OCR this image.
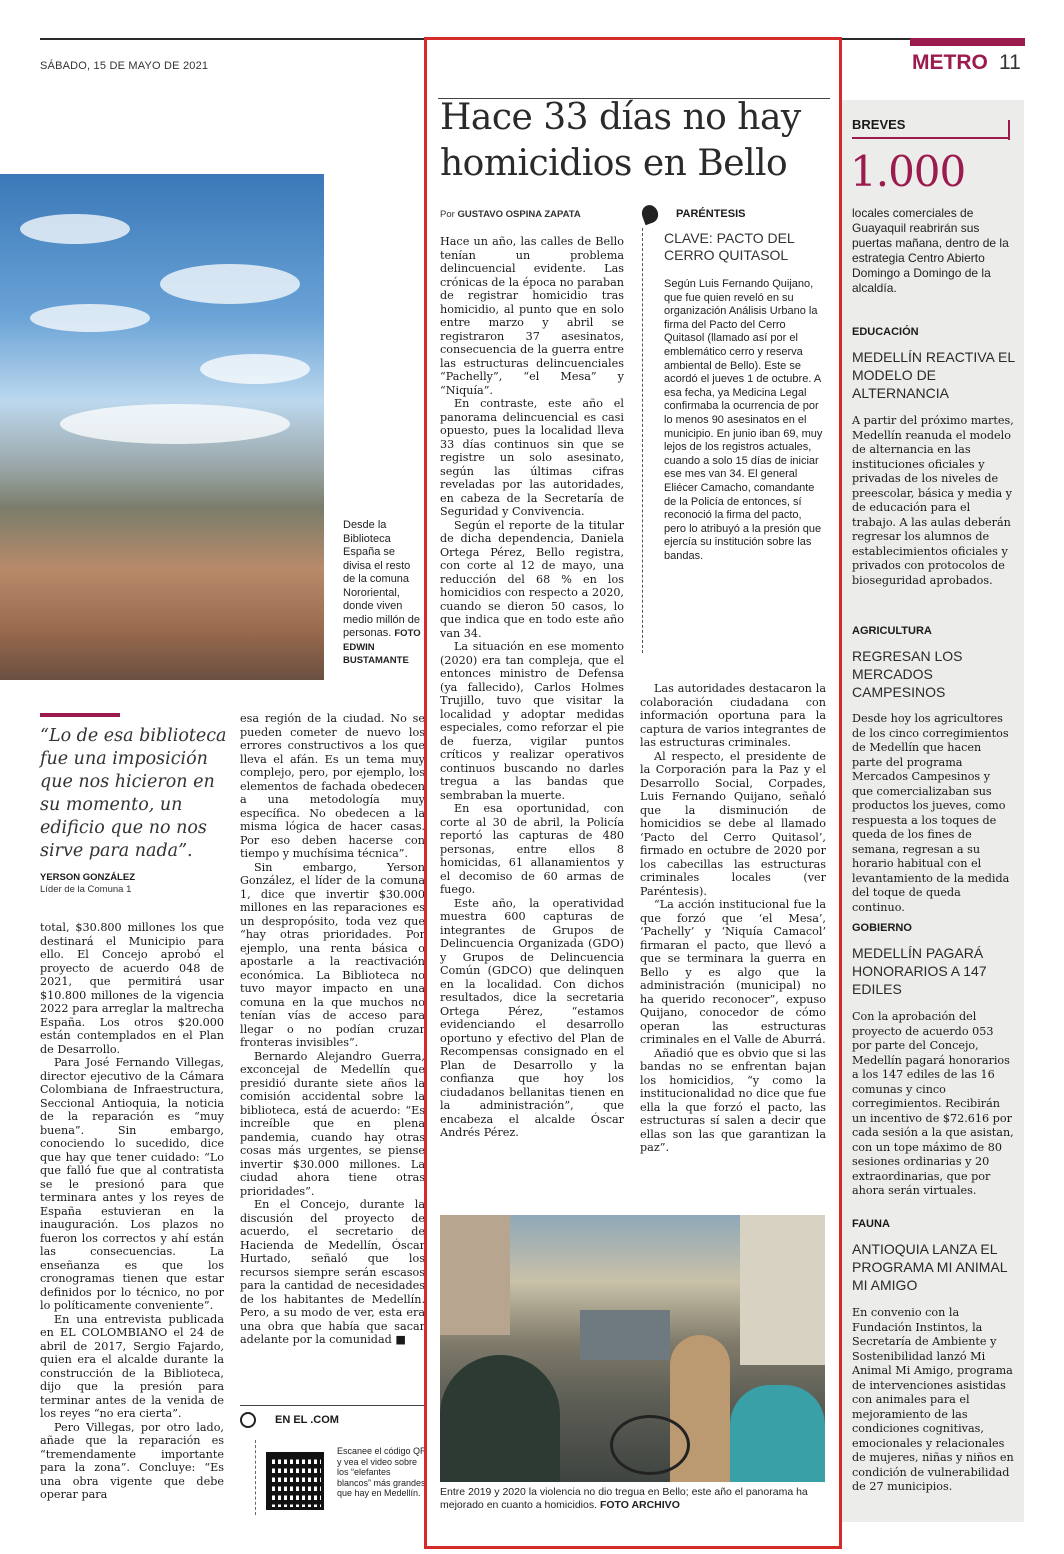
SÁBADO, 15 DE MAYO DE 2021	METRO 11
Desde la Biblioteca España se divisa el resto de la comuna Nororiental, donde viven medio millón de personas. FOTO EDWIN BUSTAMANTE
“Lo de esa biblioteca fue una imposición que nos hicieron en su momento, un edificio que no nos sirve para nada”.
YERSON GONZÁLEZ
Líder de la Comuna 1

total, $30.800 millones los que destinará el Municipio para ello. El Concejo aprobó el proyecto de acuerdo 048 de 2021, que permitirá usar $10.800 millones de la vigencia 2022 para arreglar la maltrecha España. Los otros $20.000 están contemplados en el Plan de Desarrollo.

Para José Fernando Villegas, director ejecutivo de la Cámara Colombiana de Infraestructura, Seccional Antioquia, la noticia de la reparación es “muy buena”. Sin embargo, conociendo lo sucedido, dice que hay que tener cuidado: “Lo que falló fue que al contratista se le presionó para que terminara antes y los reyes de España estuvieran en la inauguración. Los plazos no fueron los correctos y ahí están las consecuencias. La enseñanza es que los cronogramas tienen que estar definidos por lo técnico, no por lo políticamente conveniente”.

En una entrevista publicada en EL COLOMBIANO el 24 de abril de 2017, Sergio Fajardo, quien era el alcalde durante la construcción de la Biblioteca, dijo que la presión para terminar antes de la venida de los reyes “no era cierta”.

Pero Villegas, por otro lado, añade que la reparación es “tremendamente importante para la zona”. Concluye: “Es una obra vigente que debe operar para

esa región de la ciudad. No se pueden cometer de nuevo los errores constructivos a los que lleva el afán. Es un tema muy complejo, pero, por ejemplo, los elementos de fachada obedecen a una metodología muy específica. No obedecen a la misma lógica de hacer casas. Por eso deben hacerse con tiempo y muchísima técnica”.

Sin embargo, Yerson González, el líder de la comuna 1, dice que invertir $30.000 millones en las reparaciones es un despropósito, toda vez que “hay otras prioridades. Por ejemplo, una renta básica o apostarle a la reactivación económica. La Biblioteca no tuvo mayor impacto en una comuna en la que muchos no tenían vías de acceso para llegar o no podían cruzar fronteras invisibles”.

Bernardo Alejandro Guerra, exconcejal de Medellín que presidió durante siete años la comisión accidental sobre la biblioteca, está de acuerdo: “Es increíble que en plena pandemia, cuando hay otras cosas más urgentes, se piense invertir $30.000 millones. La ciudad ahora tiene otras prioridades”.

En el Concejo, durante la discusión del proyecto de acuerdo, el secretario de Hacienda de Medellín, Óscar Hurtado, señaló que los recursos siempre serán escasos para la cantidad de necesidades de los habitantes de Medellín. Pero, a su modo de ver, esta era una obra que había que sacar adelante por la comunidad ■

EN EL .COM
Escanee el código QR y vea el video sobre los “elefantes blancos” más grandes que hay en Medellín.
Hace 33 días no hay homicidios en Bello
Por GUSTAVO OSPINA ZAPATA

Hace un año, las calles de Bello tenían un problema delincuencial evidente. Las crónicas de la época no paraban de registrar homicidio tras homicidio, al punto que en solo entre marzo y abril se registraron 37 asesinatos, consecuencia de la guerra entre las estructuras delincuenciales “Pachelly”, “el Mesa” y “Niquía”.

En contraste, este año el panorama delincuencial es casi opuesto, pues la localidad lleva 33 días continuos sin que se registre un solo asesinato, según las últimas cifras reveladas por las autoridades, en cabeza de la Secretaría de Seguridad y Convivencia.

Según el reporte de la titular de dicha dependencia, Daniela Ortega Pérez, Bello registra, con corte al 12 de mayo, una reducción del 68 % en los homicidios con respecto a 2020, cuando se dieron 50 casos, lo que indica que en todo este año van 34.

La situación en ese momento (2020) era tan compleja, que el entonces ministro de Defensa (ya fallecido), Carlos Holmes Trujillo, tuvo que visitar la localidad y adoptar medidas especiales, como reforzar el pie de fuerza, vigilar puntos críticos y realizar operativos continuos buscando no darles tregua a las bandas que sembraban la muerte.

En esa oportunidad, con corte al 30 de abril, la Policía reportó las capturas de 480 personas, entre ellos 8 homicidas, 61 allanamientos y el decomiso de 60 armas de fuego.

Este año, la operatividad muestra 600 capturas de integrantes de Grupos de Delincuencia Organizada (GDO) y Grupos de Delincuencia Común (GDCO) que delinquen en la localidad. Con dichos resultados, dice la secretaria Ortega Pérez, “estamos evidenciando el desarrollo oportuno y efectivo del Plan de Recompensas consignado en el Plan de Desarrollo y la confianza que hoy los ciudadanos bellanitas tienen en la administración”, que encabeza el alcalde Óscar Andrés Pérez.

PARÉNTESIS
CLAVE: PACTO DEL CERRO QUITASOL
Según Luis Fernando Quijano, que fue quien reveló en su organización Análisis Urbano la firma del Pacto del Cerro Quitasol (llamado así por el emblemático cerro y reserva ambiental de Bello). Este se acordó el jueves 1 de octubre. A esa fecha, ya Medicina Legal confirmaba la ocurrencia de por lo menos 90 asesinatos en el municipio. En junio iban 69, muy lejos de los registros actuales, cuando a solo 15 días de iniciar ese mes van 34. El general Eliécer Camacho, comandante de la Policía de entonces, sí reconoció la firma del pacto, pero lo atribuyó a la presión que ejercía su institución sobre las bandas.

Las autoridades destacaron la colaboración ciudadana con información oportuna para la captura de varios integrantes de las estructuras criminales.

Al respecto, el presidente de la Corporación para la Paz y el Desarrollo Social, Corpades, Luis Fernando Quijano, señaló que la disminución de homicidios se debe al llamado ‘Pacto del Cerro Quitasol’, firmado en octubre de 2020 por los cabecillas las estructuras criminales locales (ver Paréntesis).

“La acción institucional fue la que forzó que ‘el Mesa’, ‘Pachelly’ y ‘Niquía Camacol’ firmaran el pacto, que llevó a que se terminara la guerra en Bello y es algo que la administración (municipal) no ha querido reconocer”, expuso Quijano, conocedor de cómo operan las estructuras criminales en el Valle de Aburrá.

Añadió que es obvio que si las bandas no se enfrentan bajan los homicidios, “y como la institucionalidad no dice que fue ella la que forzó el pacto, las estructuras sí salen a decir que ellas son las que garantizan la paz”.

Entre 2019 y 2020 la violencia no dio tregua en Bello; este año el panorama ha mejorado en cuanto a homicidios. FOTO ARCHIVO
BREVES
1.000
locales comerciales de Guayaquil reabrirán sus puertas mañana, dentro de la estrategia Centro Abierto Domingo a Domingo de la alcaldía.
EDUCACIÓN
MEDELLÍN REACTIVA EL MODELO DE ALTERNANCIA
A partir del próximo martes, Medellín reanuda el modelo de alternancia en las instituciones oficiales y privadas de los niveles de preescolar, básica y media y de educación para el trabajo. A las aulas deberán regresar los alumnos de establecimientos oficiales y privados con protocolos de bioseguridad aprobados.
AGRICULTURA
REGRESAN LOS MERCADOS CAMPESINOS
Desde hoy los agricultores de los cinco corregimientos de Medellín que hacen parte del programa Mercados Campesinos y que comercializaban sus productos los jueves, como respuesta a los toques de queda de los fines de semana, regresan a su horario habitual con el levantamiento de la medida del toque de queda continuo.
GOBIERNO
MEDELLÍN PAGARÁ HONORARIOS A 147 EDILES
Con la aprobación del proyecto de acuerdo 053 por parte del Concejo, Medellín pagará honorarios a los 147 ediles de las 16 comunas y cinco corregimientos. Recibirán un incentivo de $72.616 por cada sesión a la que asistan, con un tope máximo de 80 sesiones ordinarias y 20 extraordinarias, que por ahora serán virtuales.
FAUNA
ANTIOQUIA LANZA EL PROGRAMA MI ANIMAL MI AMIGO
En convenio con la Fundación Instintos, la Secretaría de Ambiente y Sostenibilidad lanzó Mi Animal Mi Amigo, programa de intervenciones asistidas con animales para el mejoramiento de las condiciones cognitivas, emocionales y relacionales de mujeres, niñas y niños en condición de vulnerabilidad de 27 municipios.
